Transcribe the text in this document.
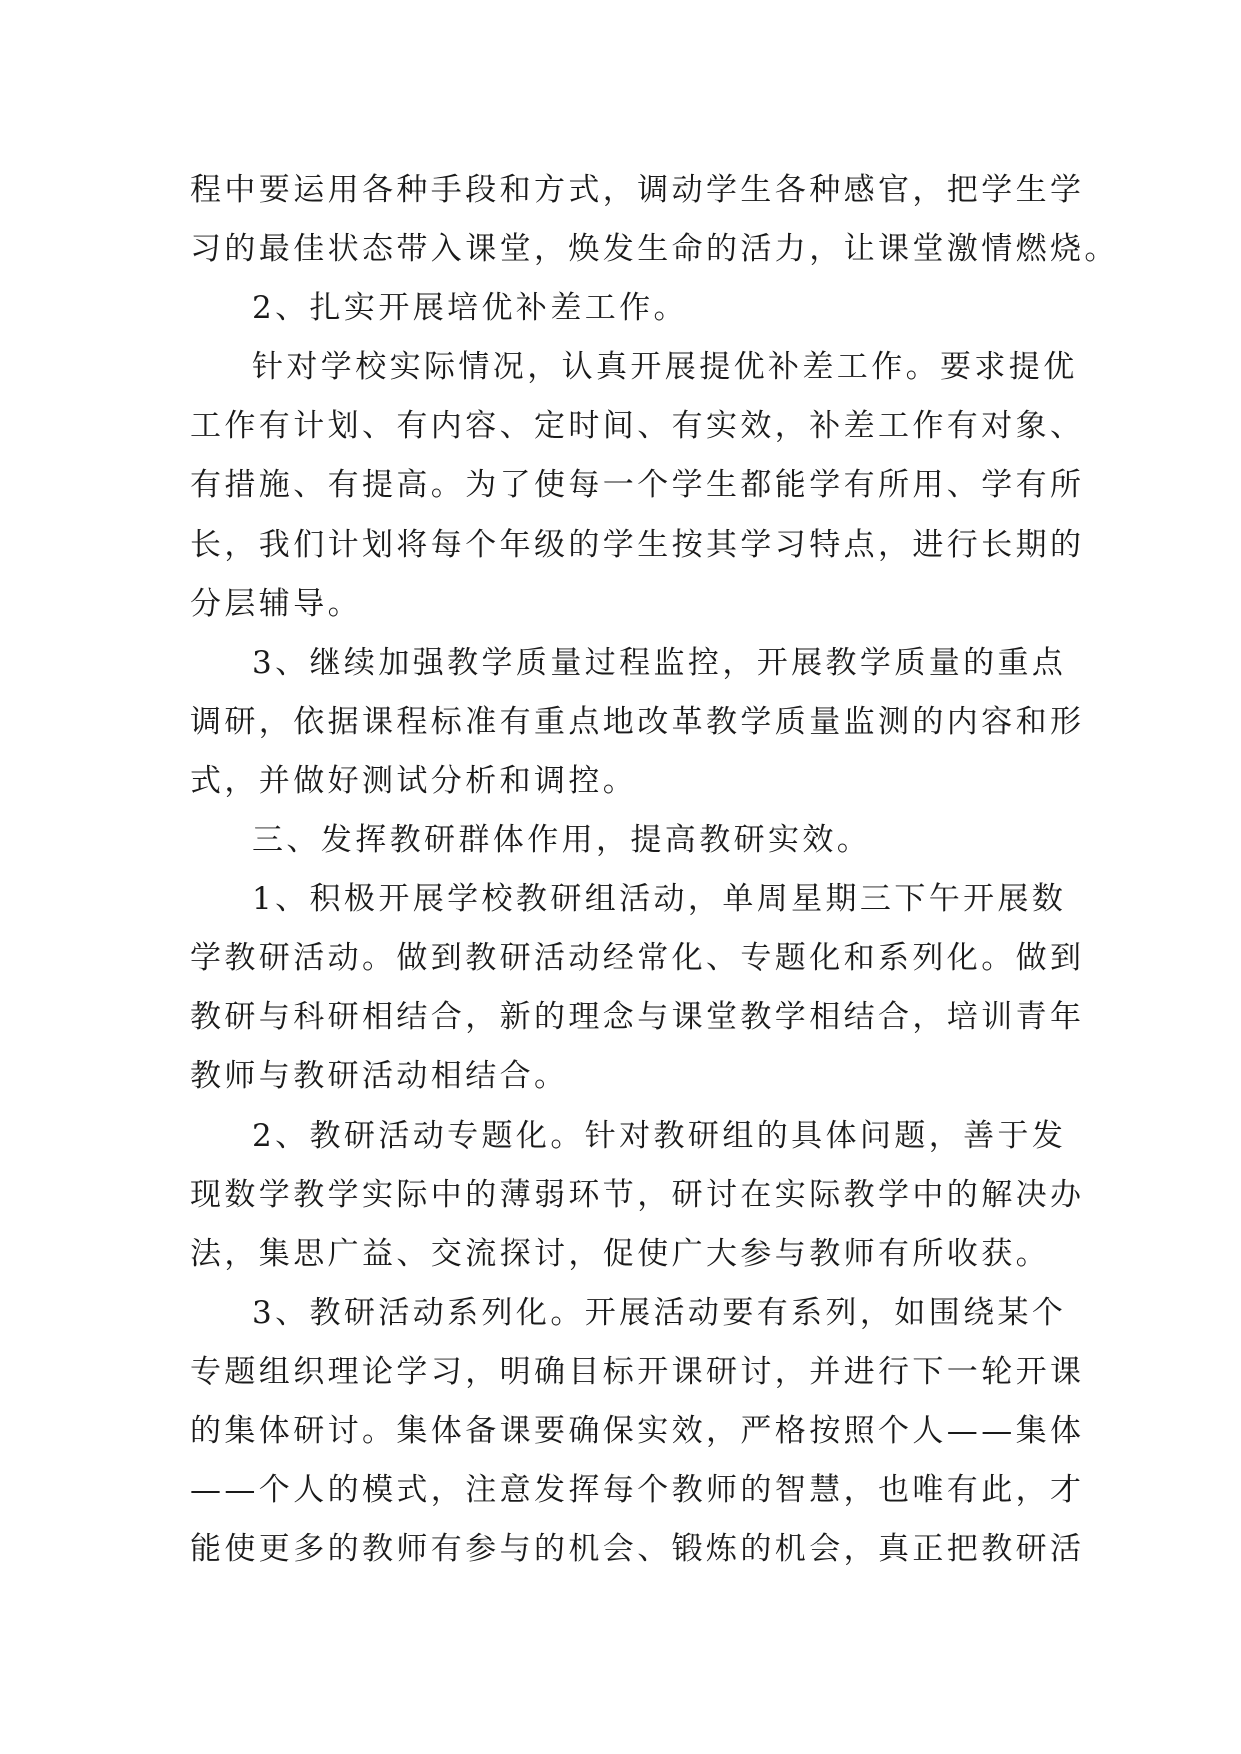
程中要运用各种手段和方式，调动学生各种感官，把学生学
习的最佳状态带入课堂，焕发生命的活力，让课堂激情燃烧。
2、扎实开展培优补差工作。
针对学校实际情况，认真开展提优补差工作。要求提优
工作有计划、有内容、定时间、有实效，补差工作有对象、
有措施、有提高。为了使每一个学生都能学有所用、学有所
长，我们计划将每个年级的学生按其学习特点，进行长期的
分层辅导。
3、继续加强教学质量过程监控，开展教学质量的重点
调研，依据课程标准有重点地改革教学质量监测的内容和形
式，并做好测试分析和调控。
三、发挥教研群体作用，提高教研实效。
1、积极开展学校教研组活动，单周星期三下午开展数
学教研活动。做到教研活动经常化、专题化和系列化。做到
教研与科研相结合，新的理念与课堂教学相结合，培训青年
教师与教研活动相结合。
2、教研活动专题化。针对教研组的具体问题，善于发
现数学教学实际中的薄弱环节，研讨在实际教学中的解决办
法，集思广益、交流探讨，促使广大参与教师有所收获。
3、教研活动系列化。开展活动要有系列，如围绕某个
专题组织理论学习，明确目标开课研讨，并进行下一轮开课
的集体研讨。集体备课要确保实效，严格按照个人——集体
——个人的模式，注意发挥每个教师的智慧，也唯有此，才
能使更多的教师有参与的机会、锻炼的机会，真正把教研活
